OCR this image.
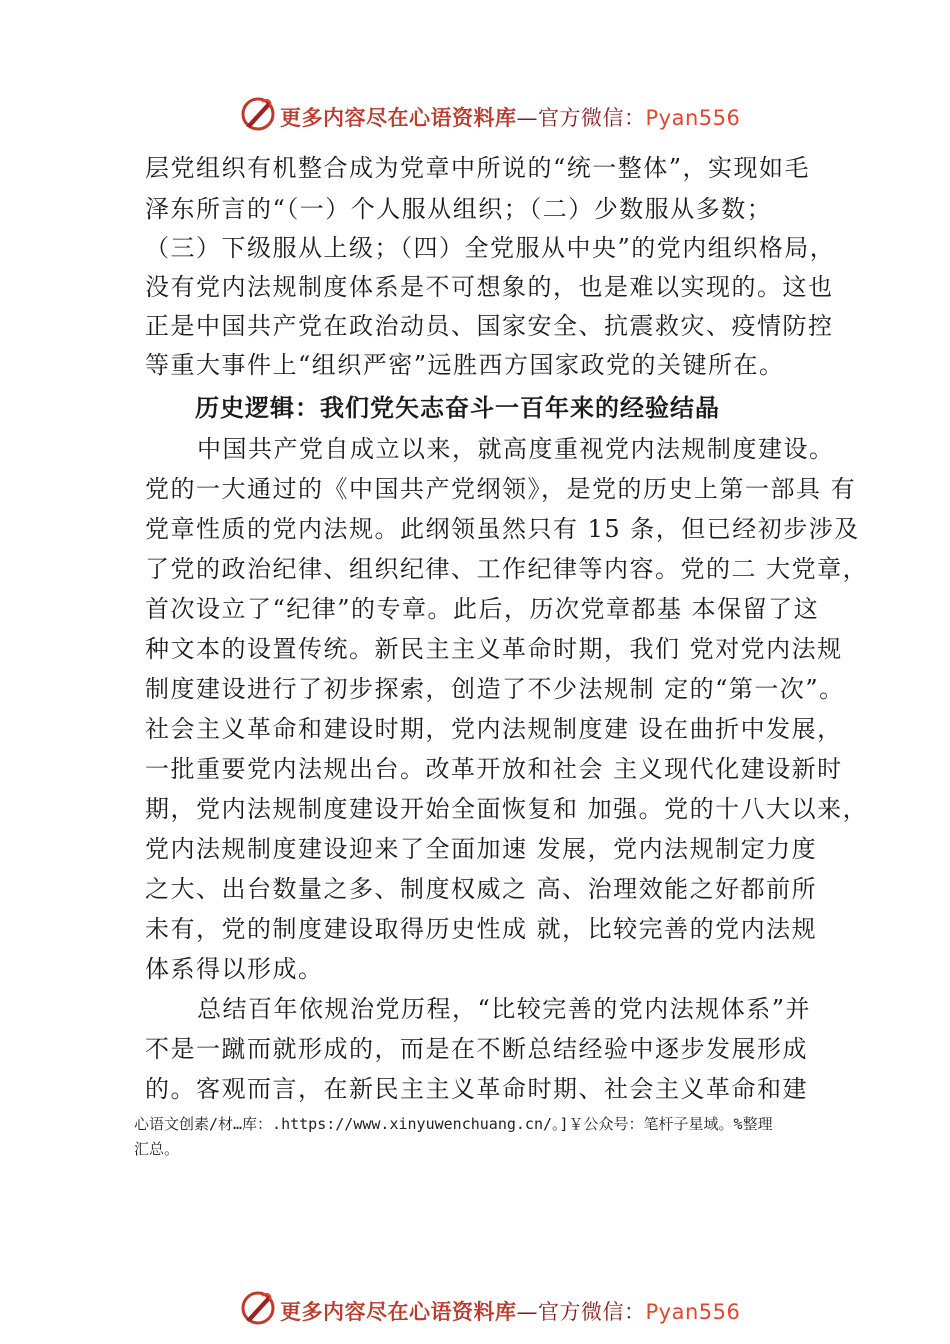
更多内容尽在心语资料库—官方微信：Pyan556
层党组织有机整合成为党章中所说的“统一整体”，实现如毛
泽东所言的“（一）个人服从组织；（二）少数服从多数；
（三）下级服从上级；（四）全党服从中央”的党内组织格局，
没有党内法规制度体系是不可想象的，也是难以实现的。这也
正是中国共产党在政治动员、国家安全、抗震救灾、疫情防控
等重大事件上“组织严密”远胜西方国家政党的关键所在。
历史逻辑：我们党矢志奋斗一百年来的经验结晶
中国共产党自成立以来，就高度重视党内法规制度建设。
党的一大通过的《中国共产党纲领》，是党的历史上第一部具 有
党章性质的党内法规。此纲领虽然只有 15 条，但已经初步涉及
了党的政治纪律、组织纪律、工作纪律等内容。党的二 大党章，
首次设立了“纪律”的专章。此后，历次党章都基 本保留了这
种文本的设置传统。新民主主义革命时期，我们 党对党内法规
制度建设进行了初步探索，创造了不少法规制 定的“第一次”。
社会主义革命和建设时期，党内法规制度建 设在曲折中发展，
一批重要党内法规出台。改革开放和社会 主义现代化建设新时
期，党内法规制度建设开始全面恢复和 加强。党的十八大以来，
党内法规制度建设迎来了全面加速 发展，党内法规制定力度
之大、出台数量之多、制度权威之 高、治理效能之好都前所
未有，党的制度建设取得历史性成 就，比较完善的党内法规
体系得以形成。
总结百年依规治党历程，“比较完善的党内法规体系”并
不是一蹴而就形成的，而是在不断总结经验中逐步发展形成
的。客观而言，在新民主主义革命时期、社会主义革命和建
心语文创素/材…库：.https://www.xinyuwenchuang.cn/。]￥公众号：笔杆子星域。%整理
汇总。
更多内容尽在心语资料库—官方微信：Pyan556
